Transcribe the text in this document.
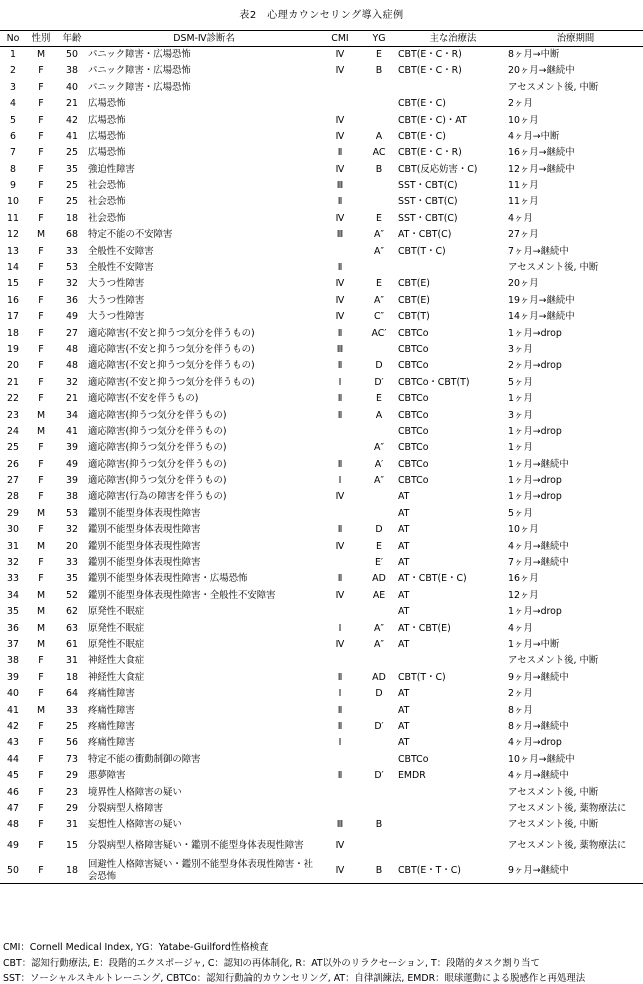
表2　心理カウンセリング導入症例
No	性別	年齢	DSM-Ⅳ診断名	CMI	YG	主な治療法	治療期間
1	M	50	パニック障害・広場恐怖	Ⅳ	E	CBT(E・C・R)	8ヶ月→中断
2	F	38	パニック障害・広場恐怖	Ⅳ	B	CBT(E・C・R)	20ヶ月→継続中
3	F	40	パニック障害・広場恐怖				アセスメント後, 中断
4	F	21	広場恐怖			CBT(E・C)	2ヶ月
5	F	42	広場恐怖	Ⅳ		CBT(E・C)・AT	10ヶ月
6	F	41	広場恐怖	Ⅳ	A	CBT(E・C)	4ヶ月→中断
7	F	25	広場恐怖	Ⅱ	AC	CBT(E・C・R)	16ヶ月→継続中
8	F	35	強迫性障害	Ⅳ	B	CBT(反応妨害・C)	12ヶ月→継続中
9	F	25	社会恐怖	Ⅲ		SST・CBT(C)	11ヶ月
10	F	25	社会恐怖	Ⅱ		SST・CBT(C)	11ヶ月
11	F	18	社会恐怖	Ⅳ	E	SST・CBT(C)	4ヶ月
12	M	68	特定不能の不安障害	Ⅲ	A″	AT・CBT(C)	27ヶ月
13	F	33	全般性不安障害		A″	CBT(T・C)	7ヶ月→継続中
14	F	53	全般性不安障害	Ⅱ			アセスメント後, 中断
15	F	32	大うつ性障害	Ⅳ	E	CBT(E)	20ヶ月
16	F	36	大うつ性障害	Ⅳ	A″	CBT(E)	19ヶ月→継続中
17	F	49	大うつ性障害	Ⅳ	C″	CBT(T)	14ヶ月→継続中
18	F	27	適応障害(不安と抑うつ気分を伴うもの)	Ⅱ	AC′	CBTCo	1ヶ月→drop
19	F	48	適応障害(不安と抑うつ気分を伴うもの)	Ⅲ		CBTCo	3ヶ月
20	F	48	適応障害(不安と抑うつ気分を伴うもの)	Ⅱ	D	CBTCo	2ヶ月→drop
21	F	32	適応障害(不安と抑うつ気分を伴うもの)	Ⅰ	D′	CBTCo・CBT(T)	5ヶ月
22	F	21	適応障害(不安を伴うもの)	Ⅱ	E	CBTCo	1ヶ月
23	M	34	適応障害(抑うつ気分を伴うもの)	Ⅱ	A	CBTCo	3ヶ月
24	M	41	適応障害(抑うつ気分を伴うもの)			CBTCo	1ヶ月→drop
25	F	39	適応障害(抑うつ気分を伴うもの)		A″	CBTCo	1ヶ月
26	F	49	適応障害(抑うつ気分を伴うもの)	Ⅱ	A′	CBTCo	1ヶ月→継続中
27	F	39	適応障害(抑うつ気分を伴うもの)	Ⅰ	A″	CBTCo	1ヶ月→drop
28	F	38	適応障害(行為の障害を伴うもの)	Ⅳ		AT	1ヶ月→drop
29	M	53	鑑別不能型身体表現性障害			AT	5ヶ月
30	F	32	鑑別不能型身体表現性障害	Ⅱ	D	AT	10ヶ月
31	M	20	鑑別不能型身体表現性障害	Ⅳ	E	AT	4ヶ月→継続中
32	F	33	鑑別不能型身体表現性障害		E′	AT	7ヶ月→継続中
33	F	35	鑑別不能型身体表現性障害・広場恐怖	Ⅱ	AD	AT・CBT(E・C)	16ヶ月
34	M	52	鑑別不能型身体表現性障害・全般性不安障害	Ⅳ	AE	AT	12ヶ月
35	M	62	原発性不眠症			AT	1ヶ月→drop
36	M	63	原発性不眠症	Ⅰ	A″	AT・CBT(E)	4ヶ月
37	M	61	原発性不眠症	Ⅳ	A″	AT	1ヶ月→中断
38	F	31	神経性大食症				アセスメント後, 中断
39	F	18	神経性大食症	Ⅱ	AD	CBT(T・C)	9ヶ月→継続中
40	F	64	疼痛性障害	Ⅰ	D	AT	2ヶ月
41	M	33	疼痛性障害	Ⅱ		AT	8ヶ月
42	F	25	疼痛性障害	Ⅱ	D′	AT	8ヶ月→継続中
43	F	56	疼痛性障害	Ⅰ		AT	4ヶ月→drop
44	F	73	特定不能の衝動制御の障害			CBTCo	10ヶ月→継続中
45	F	29	悪夢障害	Ⅱ	D′	EMDR	4ヶ月→継続中
46	F	23	境界性人格障害の疑い				アセスメント後, 中断
47	F	29	分裂病型人格障害				アセスメント後, 薬物療法に
48	F	31	妄想性人格障害の疑い	Ⅲ	B		アセスメント後, 中断
49	F	15	分裂病型人格障害疑い・鑑別不能型身体表現性障害	Ⅳ			アセスメント後, 薬物療法に
50	F	18	回避性人格障害疑い・鑑別不能型身体表現性障害・社会恐怖	Ⅳ	B	CBT(E・T・C)	9ヶ月→継続中
CMI：Cornell Medical Index, YG：Yatabe-Guilford性格検査
CBT：認知行動療法, E：段階的エクスポージャ, C：認知の再体制化, R：AT以外のリラクセーション, T：段階的タスク割り当て
SST：ソーシャルスキルトレーニング, CBTCo：認知行動論的カウンセリング, AT：自律訓練法, EMDR：眼球運動による脱感作と再処理法
